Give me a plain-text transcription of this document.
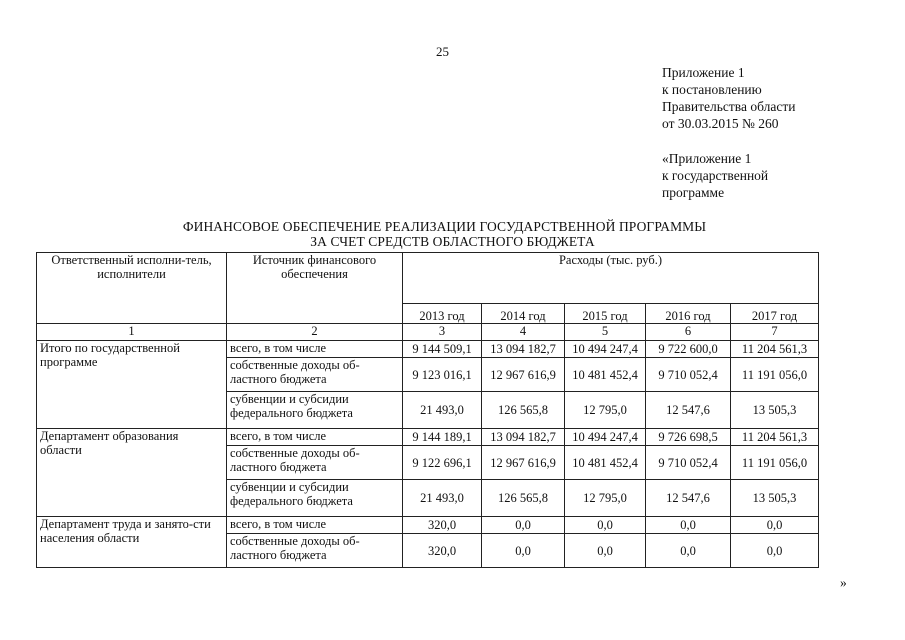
25
Приложение 1
к постановлению
Правительства области
от 30.03.2015 № 260
«Приложение 1
к государственной
программе
ФИНАНСОВОЕ ОБЕСПЕЧЕНИЕ РЕАЛИЗАЦИИ ГОСУДАРСТВЕННОЙ ПРОГРАММЫ
ЗА СЧЕТ СРЕДСТВ ОБЛАСТНОГО БЮДЖЕТА
Ответственный исполни-тель, исполнители	Источник финансового обеспечения	Расходы (тыс. руб.)				
		2013 год	2014 год	2015 год	2016 год	2017 год
1	2	3	4	5	6	7
Итого по государственной программе	всего, в том числе	9 144 509,1	13 094 182,7	10 494 247,4	9 722 600,0	11 204 561,3
	собственные доходы об-ластного бюджета	9 123 016,1	12 967 616,9	10 481 452,4	9 710 052,4	11 191 056,0
	субвенции и субсидии федерального бюджета	21 493,0	126 565,8	12 795,0	12 547,6	13 505,3
Департамент образования области	всего, в том числе	9 144 189,1	13 094 182,7	10 494 247,4	9 726 698,5	11 204 561,3
	собственные доходы об-ластного бюджета	9 122 696,1	12 967 616,9	10 481 452,4	9 710 052,4	11 191 056,0
	субвенции и субсидии федерального бюджета	21 493,0	126 565,8	12 795,0	12 547,6	13 505,3
Департамент труда и занято-сти населения области	всего, в том числе	320,0	0,0	0,0	0,0	0,0
	собственные доходы об-ластного бюджета	320,0	0,0	0,0	0,0	0,0
»
